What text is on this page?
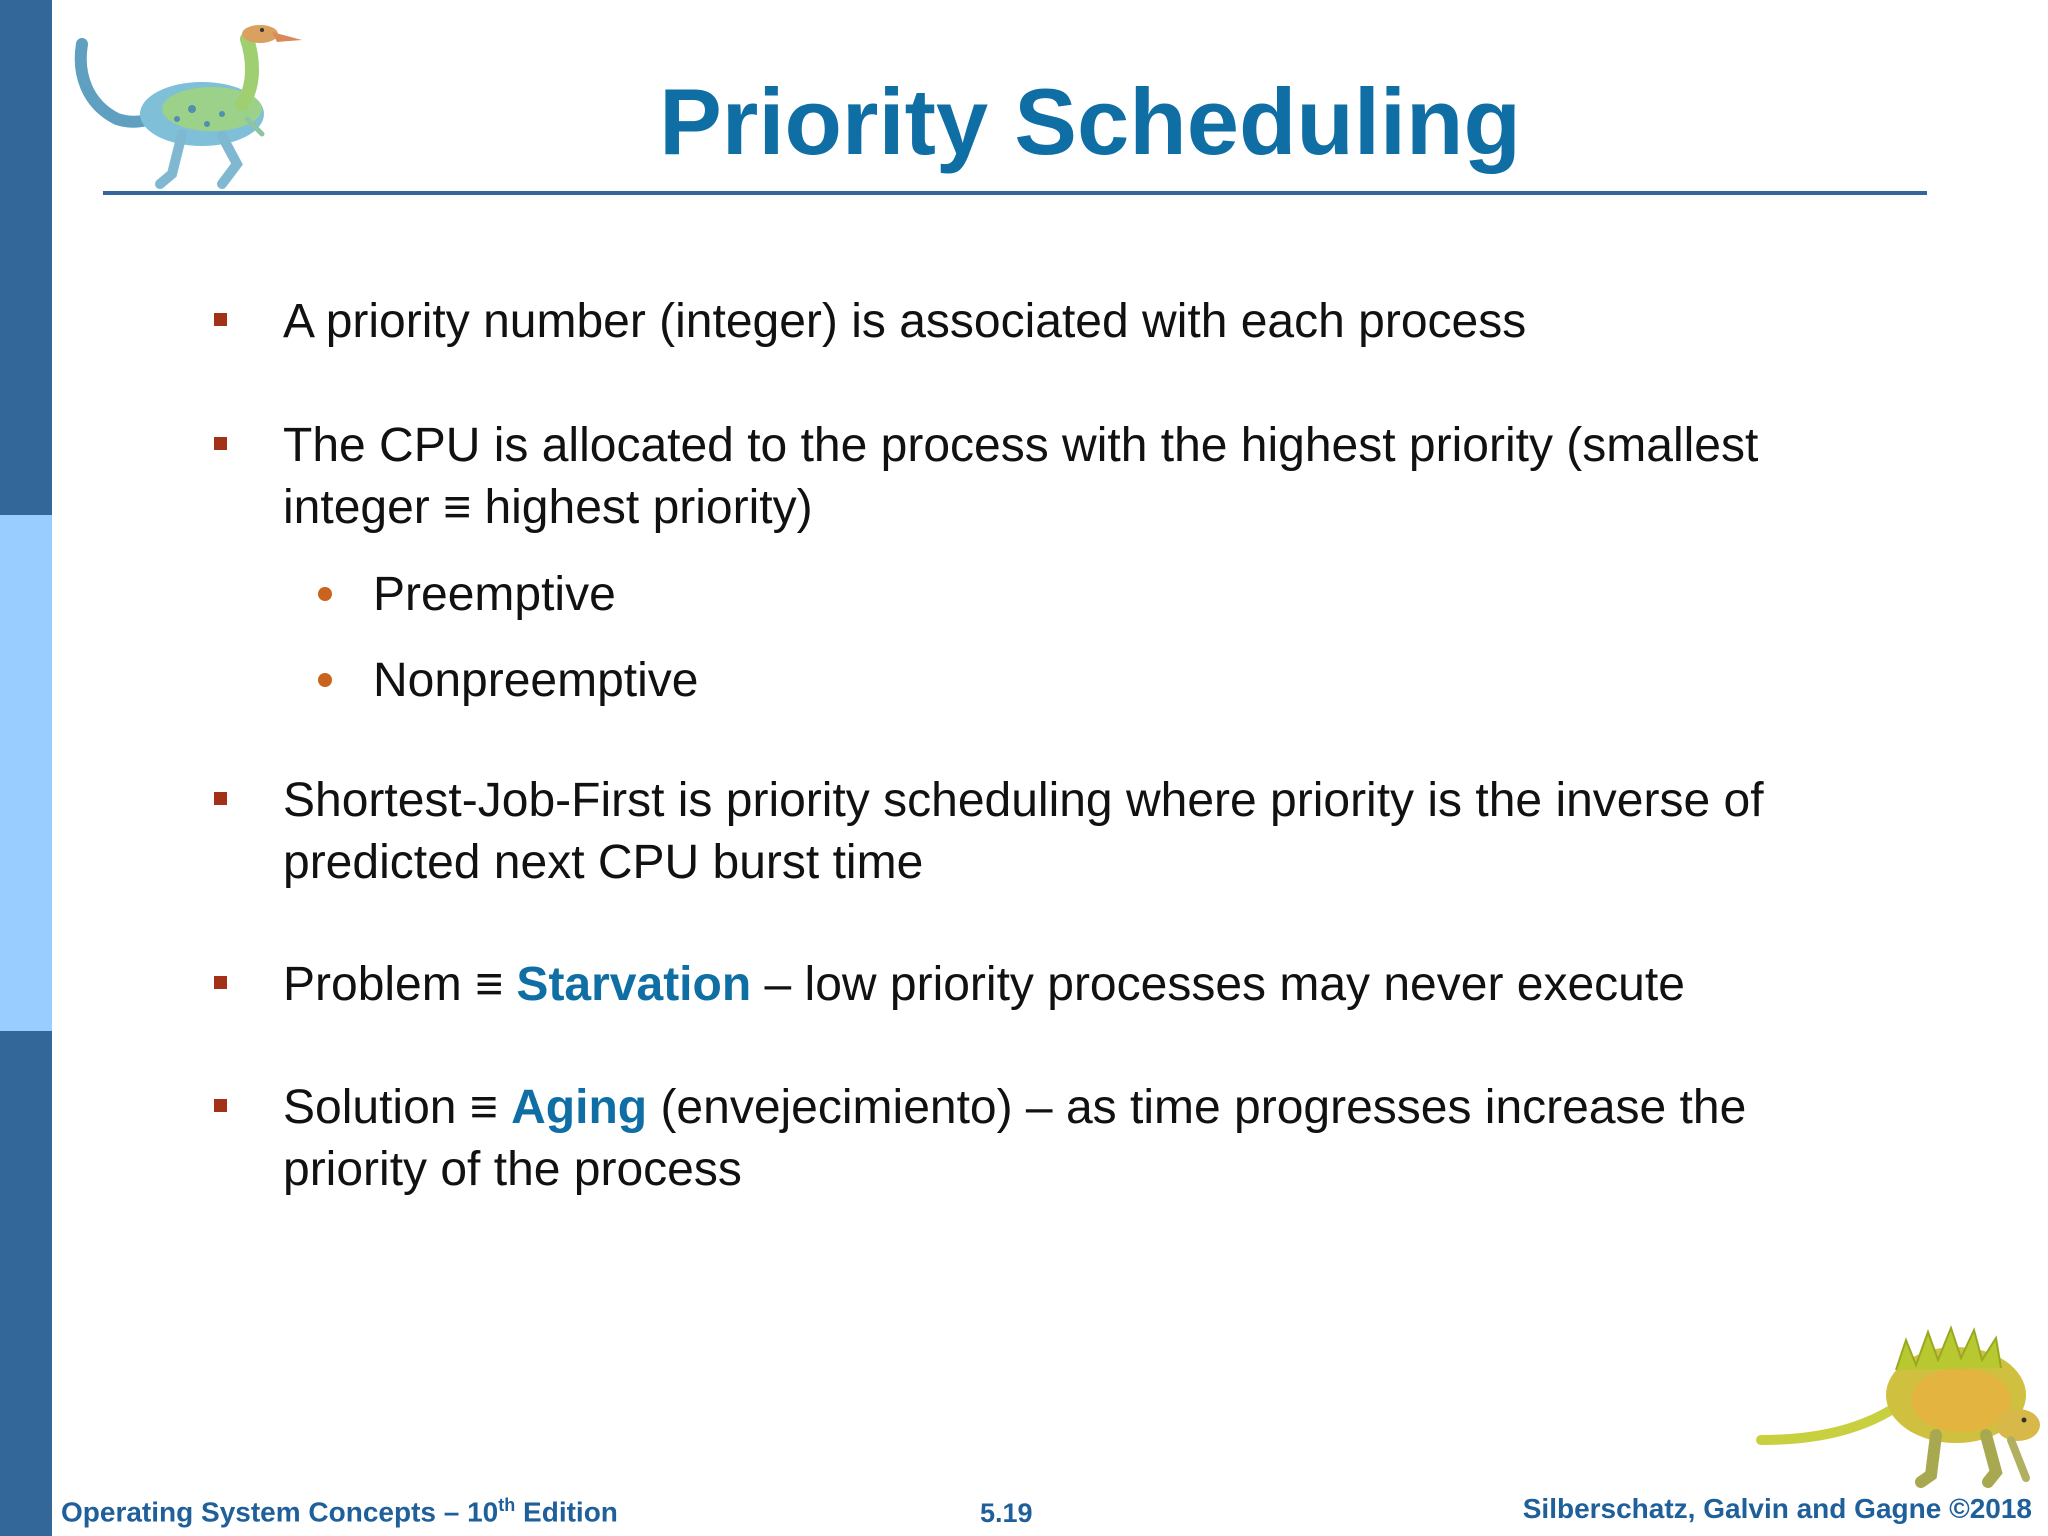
Priority Scheduling
A priority number (integer) is associated with each process
The CPU is allocated to the process with the highest priority (smallest
integer ≡ highest priority)
Preemptive
Nonpreemptive
Shortest-Job-First is priority scheduling where priority is the inverse of
predicted next CPU burst time
Problem ≡ Starvation – low priority processes may never execute
Solution ≡ Aging (envejecimiento) – as time progresses increase the
priority of the process
Operating System Concepts – 10th Edition	5.19	Silberschatz, Galvin and Gagne ©2018
